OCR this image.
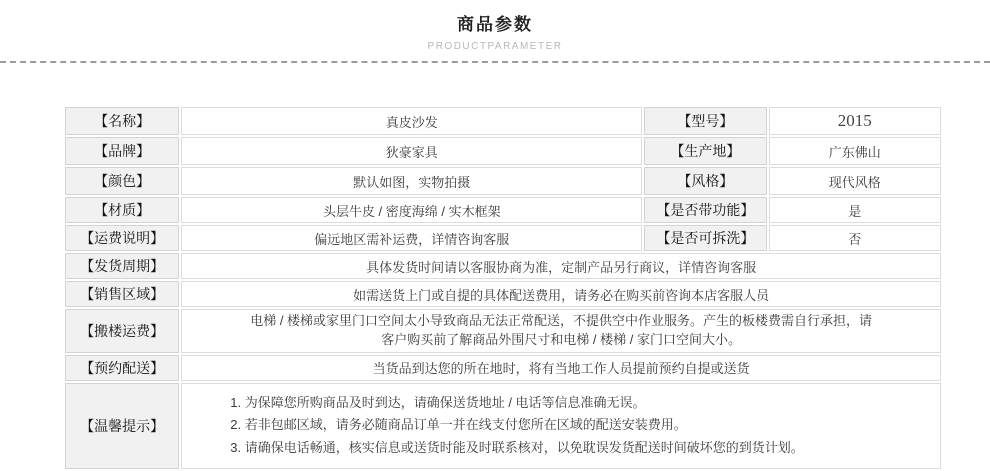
商品参数
PRODUCTPARAMETER
【名称】	真皮沙发	【型号】	2015
【品牌】	狄豪家具	【生产地】	广东佛山
【颜色】	默认如图，实物拍摄	【风格】	现代风格
【材质】	头层牛皮 / 密度海绵 / 实木框架	【是否带功能】	是
【运费说明】	偏远地区需补运费，详情咨询客服	【是否可拆洗】	否
【发货周期】	具体发货时间请以客服协商为准，定制产品另行商议，详情咨询客服		
【销售区域】	如需送货上门或自提的具体配送费用，请务必在购买前咨询本店客服人员		
【搬楼运费】	电梯 / 楼梯或家里门口空间太小导致商品无法正常配送，不提供空中作业服务。产生的板楼费需自行承担，请
客户购买前了解商品外围尺寸和电梯 / 楼梯 / 家门口空间大小。		

【预约配送】	当货品到达您的所在地时，将有当地工作人员提前预约自提或送货		
【温馨提示】	1. 为保障您所购商品及时到达，请确保送货地址 / 电话等信息准确无误。
2. 若非包邮区域，请务必随商品订单一并在线支付您所在区域的配送安装费用。
3. 请确保电话畅通，核实信息或送货时能及时联系核对，以免耽误发货配送时间破坏您的到货计划。		
